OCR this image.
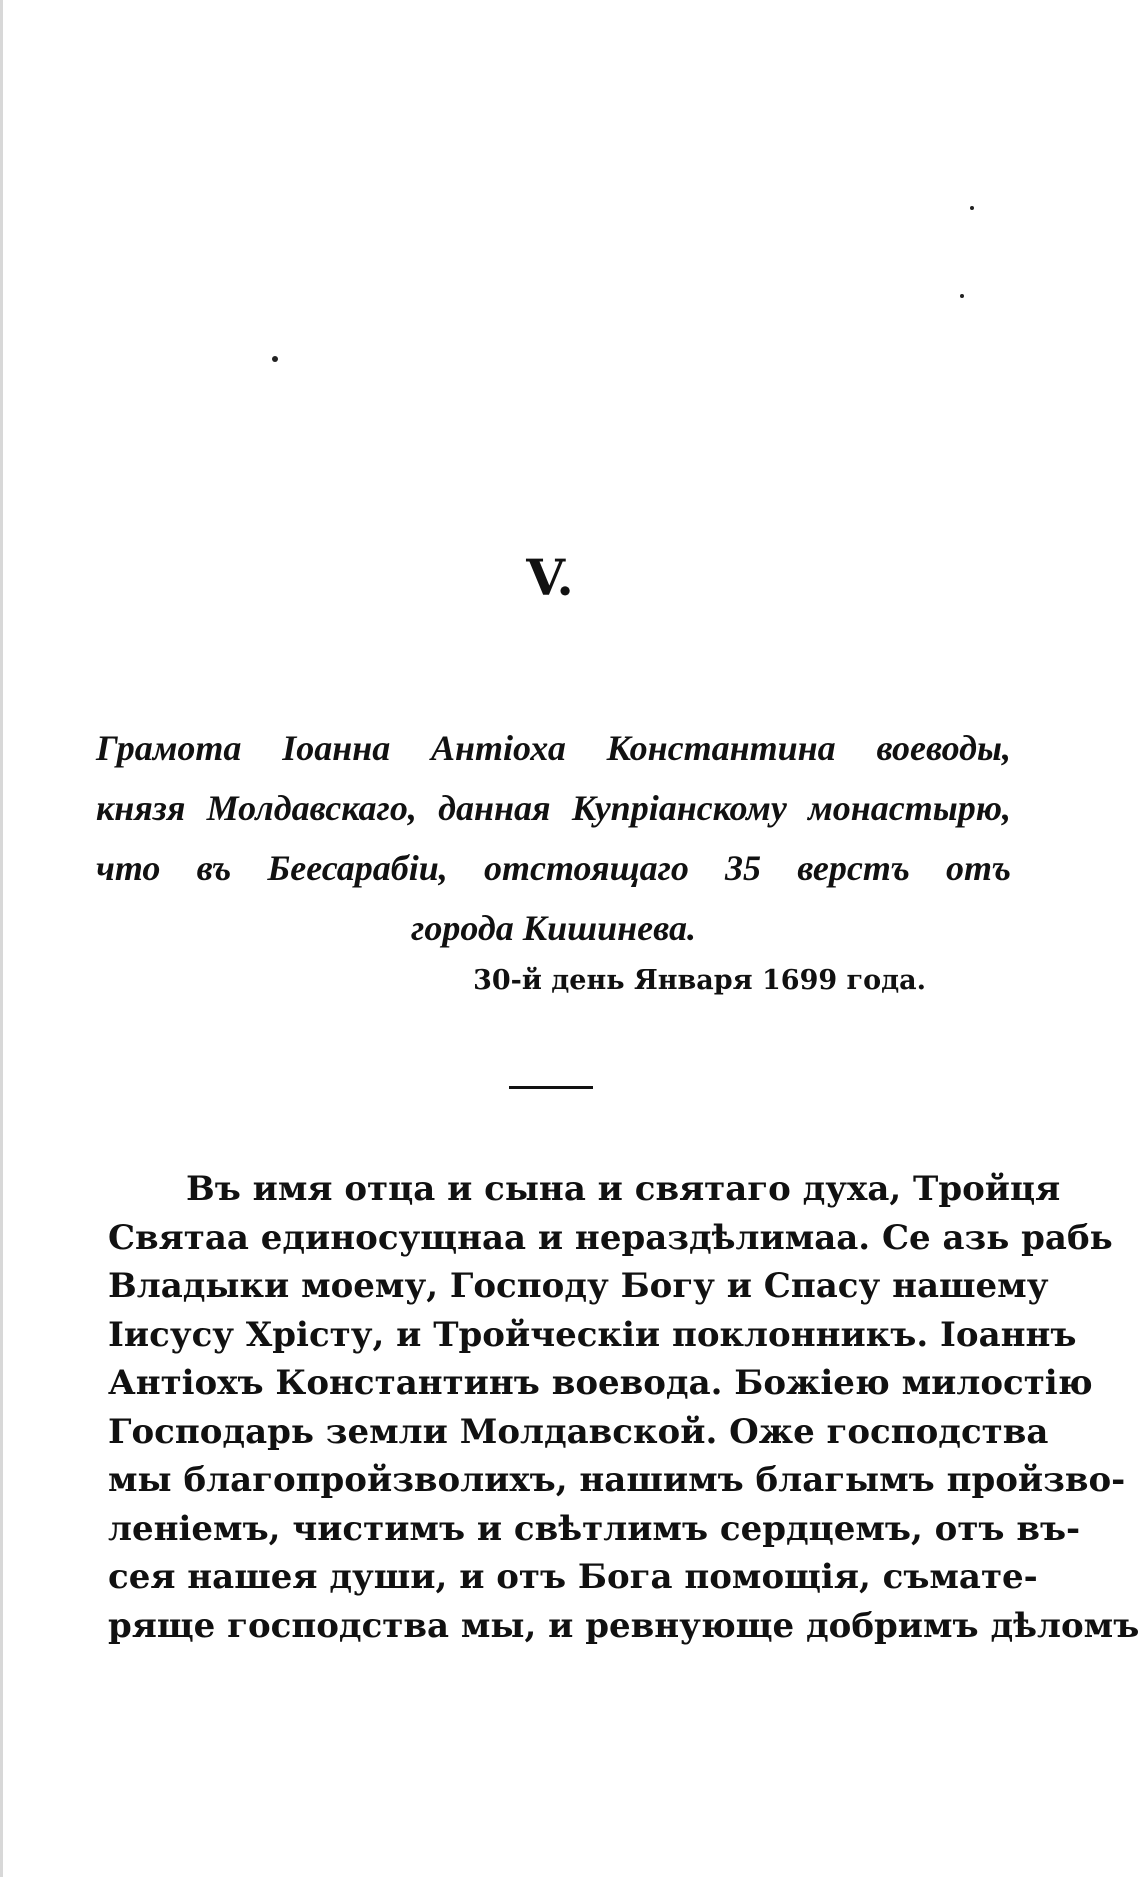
V.
Грамота Іоанна Антіоха Константина воеводы,
князя Молдавскаго, данная Купріанскому монастырю,
что въ Беесарабіи, отстоящаго 35 верстъ отъ
города Кишинева.
30-й день Января 1699 года.
Въ имя отца и сына и святаго духа, Тройця
Святаа единосущнаа и нераздѣлимаа. Се азь рабь
Владыки моему, Господу Богу и Спасу нашему
Іисусу Хрісту, и Тройческіи поклонникъ. Іоаннъ
Антіохъ Константинъ воевода. Божіею милостію
Господарь земли Молдавской. Оже господства
мы благопройзволихъ, нашимъ благымъ пройзво-
леніемъ, чистимъ и свѣтлимъ сердцемъ, отъ въ-
сея нашея души, и отъ Бога помощія, съмате-
ряще господства мы, и ревнующе добримъ дѣломъ
